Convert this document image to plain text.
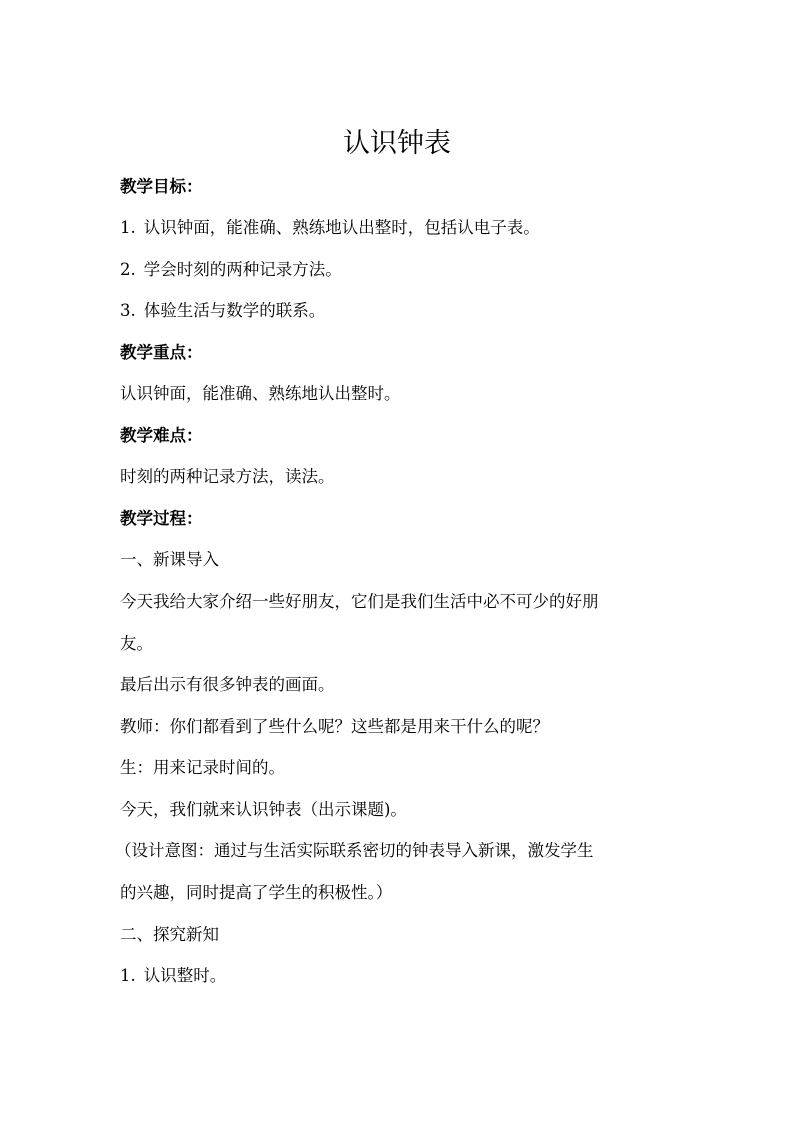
认识钟表
教学目标：
1. 认识钟面，能准确、熟练地认出整时，包括认电子表。
2. 学会时刻的两种记录方法。
3. 体验生活与数学的联系。
教学重点：
认识钟面，能准确、熟练地认出整时。
教学难点：
时刻的两种记录方法，读法。
教学过程：
一、新课导入
今天我给大家介绍一些好朋友，它们是我们生活中必不可少的好朋
友。
最后出示有很多钟表的画面。
教师：你们都看到了些什么呢？这些都是用来干什么的呢？
生：用来记录时间的。
今天，我们就来认识钟表（出示课题)。
（设计意图：通过与生活实际联系密切的钟表导入新课，激发学生
的兴趣，同时提高了学生的积极性。）
二、探究新知
1. 认识整时。
